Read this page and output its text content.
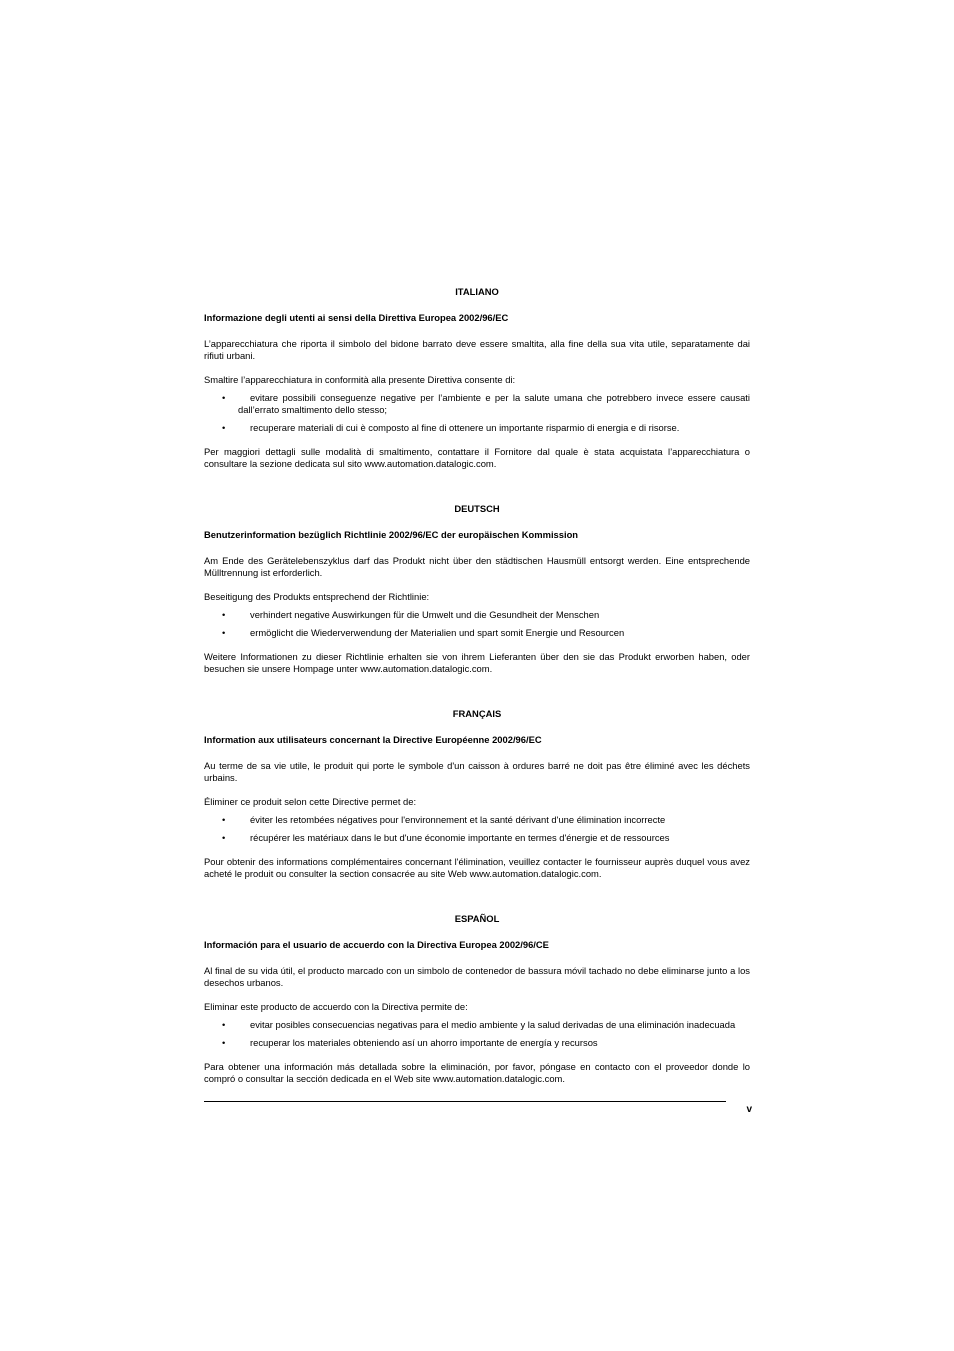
ITALIANO
Informazione degli utenti ai sensi della Direttiva Europea 2002/96/EC

L’apparecchiatura che riporta il simbolo del bidone barrato deve essere smaltita, alla fine della sua vita utile, separatamente dai rifiuti urbani.

Smaltire l’apparecchiatura in conformità alla presente Direttiva consente di:

•	evitare possibili conseguenze negative per l’ambiente e per la salute umana che potrebbero invece essere causati dall’errato smaltimento dello stesso;
•	recuperare materiali di cui è composto al fine di ottenere un importante risparmio di energia e di risorse.

Per maggiori dettagli sulle modalità di smaltimento, contattare il Fornitore dal quale è stata acquistata l’apparecchiatura o consultare la sezione dedicata sul sito www.automation.datalogic.com.

DEUTSCH
Benutzerinformation bezüglich Richtlinie 2002/96/EC der europäischen Kommission

Am Ende des Gerätelebenszyklus darf das Produkt nicht über den städtischen Hausmüll entsorgt werden. Eine entsprechende Mülltrennung ist erforderlich.

Beseitigung des Produkts entsprechend der Richtlinie:

•	verhindert negative Auswirkungen für die Umwelt und die Gesundheit der Menschen
•	ermöglicht die Wiederverwendung der Materialien und spart somit Energie und Resourcen

Weitere Informationen zu dieser Richtlinie erhalten sie von ihrem Lieferanten über den sie das Produkt erworben haben, oder besuchen sie unsere Hompage unter www.automation.datalogic.com.

FRANÇAIS
Information aux utilisateurs concernant la Directive Européenne 2002/96/EC

Au terme de sa vie utile, le produit qui porte le symbole d'un caisson à ordures barré ne doit pas être éliminé avec les déchets urbains.

Éliminer ce produit selon cette Directive permet de:

•	éviter les retombées négatives pour l'environnement et la santé dérivant d'une élimination incorrecte
•	récupérer les matériaux dans le but d'une économie importante en termes d'énergie et de ressources

Pour obtenir des informations complémentaires concernant l'élimination, veuillez contacter le fournisseur auprès duquel vous avez acheté le produit ou consulter la section consacrée au site Web www.automation.datalogic.com.

ESPAÑOL
Información para el usuario de accuerdo con la Directiva Europea 2002/96/CE

Al final de su vida útil, el producto marcado con un simbolo de contenedor de bassura móvil tachado no debe eliminarse junto a los desechos urbanos.

Eliminar este producto de accuerdo con la Directiva permite de:

•	evitar posibles consecuencias negativas para el medio ambiente y la salud derivadas de una eliminación inadecuada
•	recuperar los materiales obteniendo así un ahorro importante de energía y recursos

Para obtener una información más detallada sobre la eliminación, por favor, póngase en contacto con el proveedor donde lo compró o consultar la sección dedicada en el Web site www.automation.datalogic.com.

v
